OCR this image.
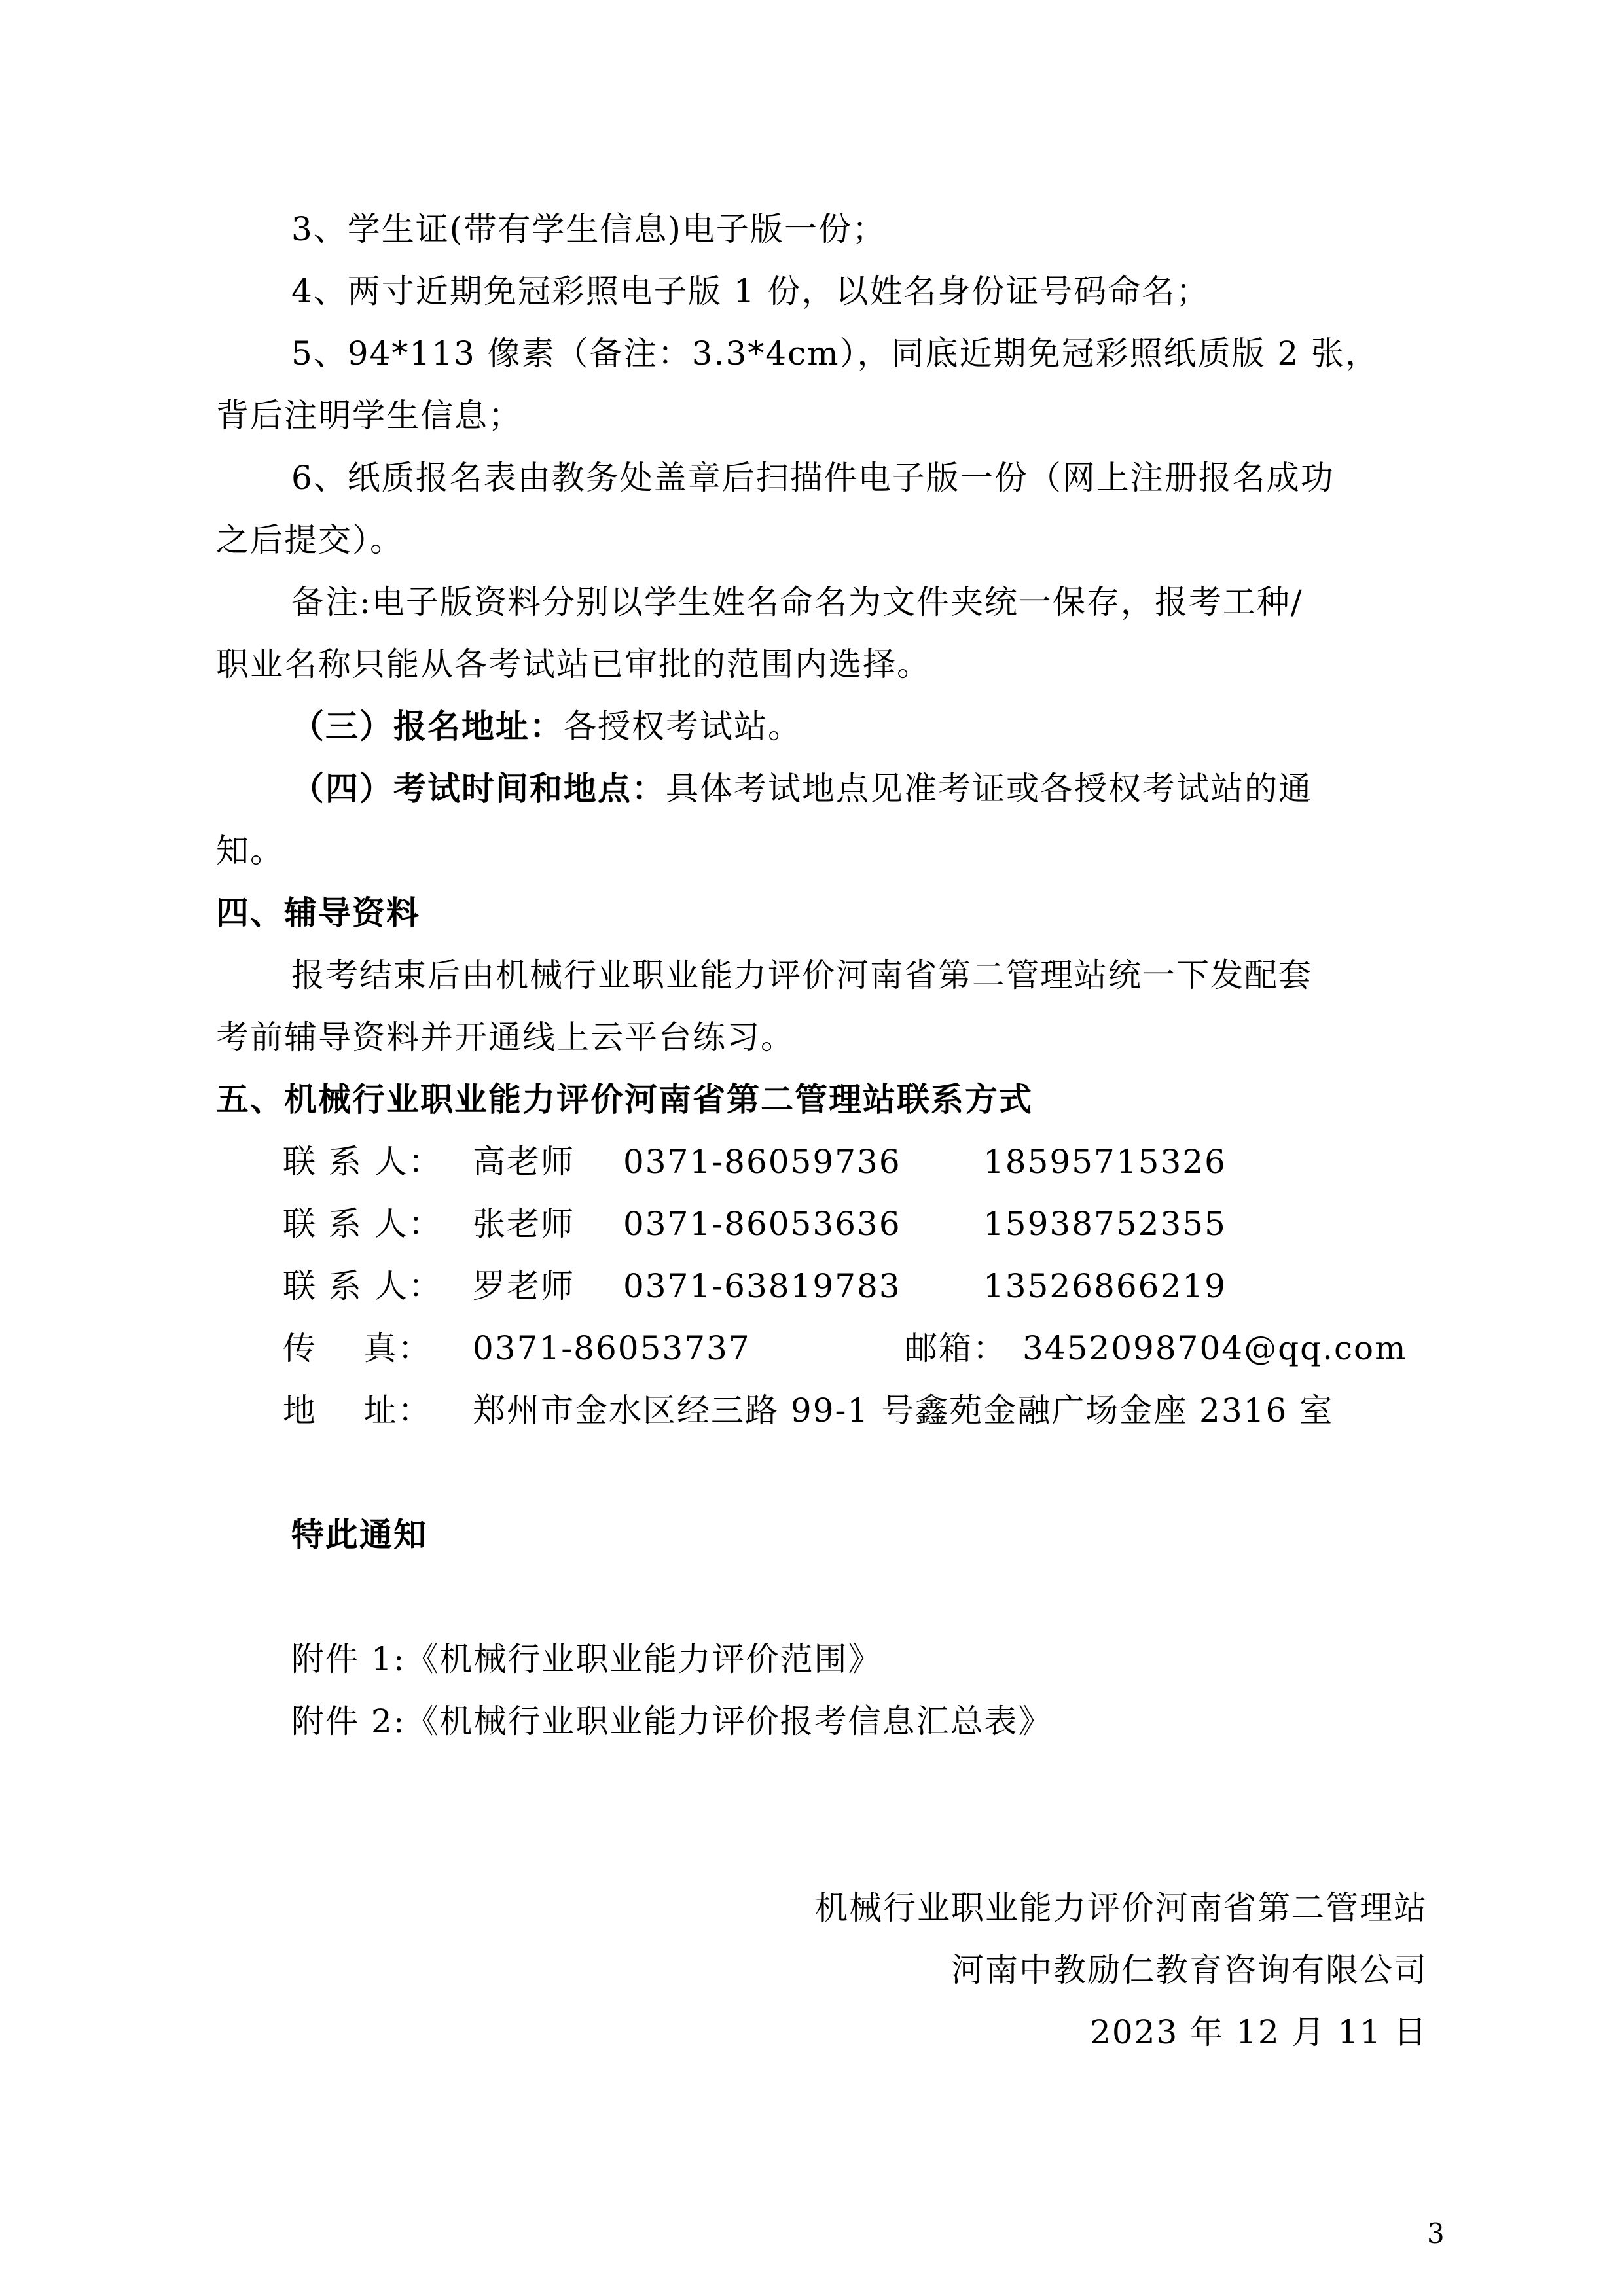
3、学生证(带有学生信息)电子版一份；
4、两寸近期免冠彩照电子版 1 份，以姓名身份证号码命名；
5、94*113 像素（备注：3.3*4cm），同底近期免冠彩照纸质版 2 张，
背后注明学生信息；
6、纸质报名表由教务处盖章后扫描件电子版一份（网上注册报名成功
之后提交）。
备注:电子版资料分别以学生姓名命名为文件夹统一保存，报考工种/
职业名称只能从各考试站已审批的范围内选择。
（三）报名地址：各授权考试站。
（四）考试时间和地点：具体考试地点见准考证或各授权考试站的通
知。
四、辅导资料
报考结束后由机械行业职业能力评价河南省第二管理站统一下发配套
考前辅导资料并开通线上云平台练习。
五、机械行业职业能力评价河南省第二管理站联系方式
联 系 人： 高老师 0371-86059736	18595715326
联 系 人： 张老师 0371-86053636	15938752355
联 系 人： 罗老师 0371-63819783	13526866219
传    真： 0371-86053737	邮箱： 3452098704@qq.com
地    址： 郑州市金水区经三路 99-1 号鑫苑金融广场金座 2316 室
特此通知
附件 1:《机械行业职业能力评价范围》
附件 2:《机械行业职业能力评价报考信息汇总表》
机械行业职业能力评价河南省第二管理站
河南中教励仁教育咨询有限公司
2023 年 12 月 11 日
3
